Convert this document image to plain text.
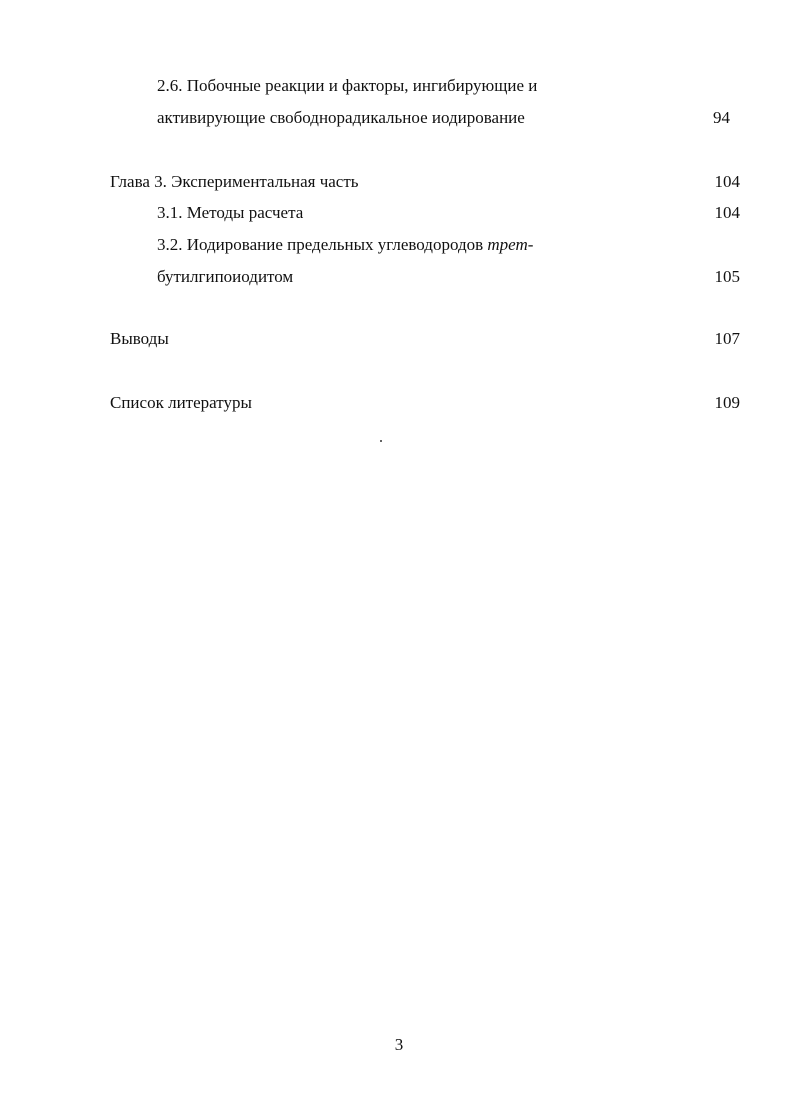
2.6. Побочные реакции и факторы, ингибирующие и
активирующие свободнорадикальное иодирование	94
Глава 3. Экспериментальная часть	104
3.1. Методы расчета	104
3.2. Иодирование предельных углеводородов трет-
бутилгипоиодитом	105
Выводы	107
Список литературы	109
3
